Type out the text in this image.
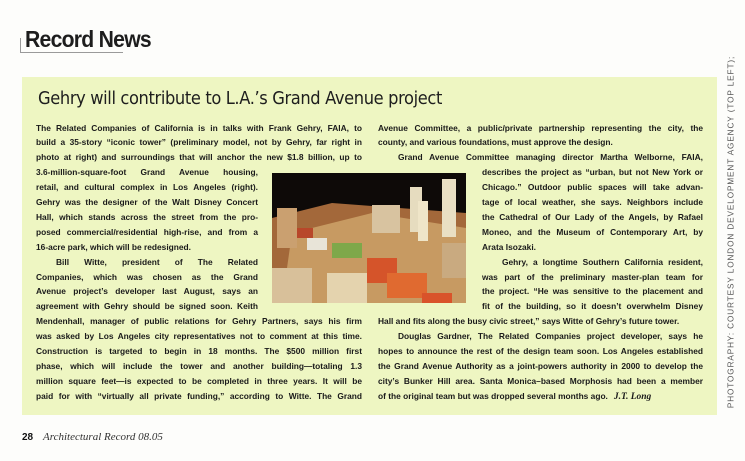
Record News
Gehry will contribute to L.A.’s Grand Avenue project
The Related Companies of California is in talks with Frank Gehry, FAIA, to
build a 35-story “iconic tower” (preliminary model, not by Gehry, far right in
photo at right) and surroundings that will anchor the new $1.8 billion, up to
3.6-million-square-foot Grand Avenue housing,
retail, and cultural complex in Los Angeles (right).
Gehry was the designer of the Walt Disney Concert
Hall, which stands across the street from the pro-
posed commercial/residential high-rise, and from a
16-acre park, which will be redesigned.
Bill Witte, president of The Related
Companies, which was chosen as the Grand
Avenue project’s developer last August, says an
agreement with Gehry should be signed soon. Keith
Mendenhall, manager of public relations for Gehry Partners, says his firm
was asked by Los Angeles city representatives not to comment at this time.
Construction is targeted to begin in 18 months. The $500 million first
phase, which will include the tower and another building—totaling 1.3
million square feet—is expected to be completed in three years. It will be
paid for with “virtually all private funding,” according to Witte. The Grand
Avenue Committee, a public/private partnership representing the city, the
county, and various foundations, must approve the design.
Grand Avenue Committee managing director Martha Welborne, FAIA,
describes the project as “urban, but not New York or
Chicago.” Outdoor public spaces will take advan-
tage of local weather, she says. Neighbors include
the Cathedral of Our Lady of the Angels, by Rafael
Moneo, and the Museum of Contemporary Art, by
Arata Isozaki.
Gehry, a longtime Southern California resident,
was part of the preliminary master-plan team for
the project. “He was sensitive to the placement and
fit of the building, so it doesn’t overwhelm Disney
Hall and fits along the busy civic street,” says Witte of Gehry’s future tower.
Douglas Gardner, The Related Companies project developer, says he
hopes to announce the rest of the design team soon. Los Angeles established
the Grand Avenue Authority as a joint-powers authority in 2000 to develop the
city’s Bunker Hill area. Santa Monica–based Morphosis had been a member
of the original team but was dropped several months ago. J.T. Long
28 Architectural Record 08.05
PHOTOGRAPHY: COURTESY LONDON DEVELOPMENT AGENCY (TOP LEFT);
